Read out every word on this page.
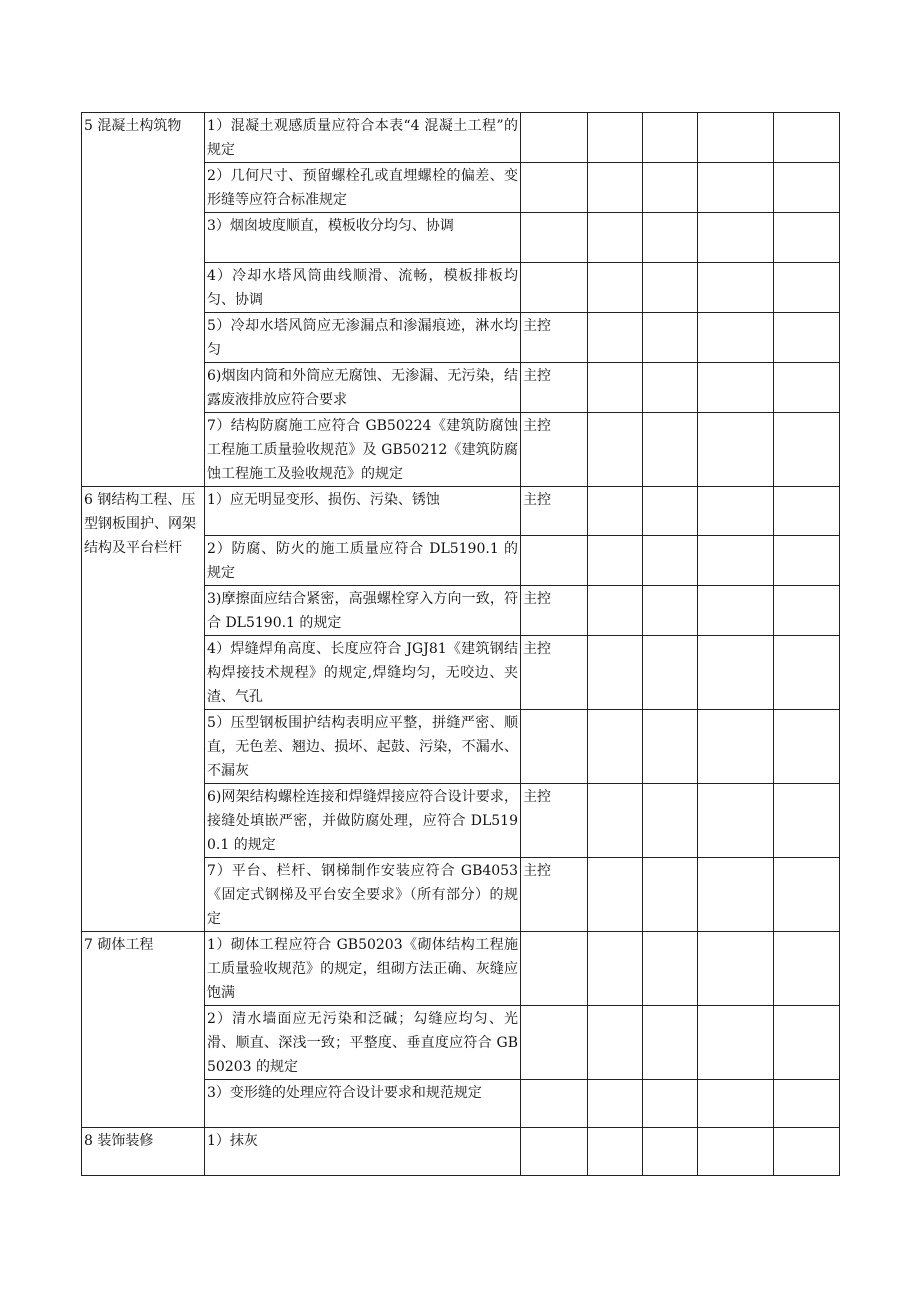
5 混凝土构筑物	1）混凝土观感质量应符合本表“4 混凝土工程”的规定					
	2）几何尺寸、预留螺栓孔或直埋螺栓的偏差、变形缝等应符合标准规定					
	3）烟囱坡度顺直，模板收分均匀、协调					
	4）冷却水塔风筒曲线顺滑、流畅，模板排板均匀、协调					
	5）冷却水塔风筒应无渗漏点和渗漏痕迹，淋水均匀	主控				
	6)烟囱内筒和外筒应无腐蚀、无渗漏、无污染，结露废液排放应符合要求	主控				
	7）结构防腐施工应符合 GB50224《建筑防腐蚀工程施工质量验收规范》及 GB50212《建筑防腐蚀工程施工及验收规范》的规定	主控				
6 钢结构工程、压型钢板围护、网架结构及平台栏杆	1）应无明显变形、损伤、污染、锈蚀	主控				
	2）防腐、防火的施工质量应符合 DL5190.1 的规定					
	3)摩擦面应结合紧密，高强螺栓穿入方向一致，符合 DL5190.1 的规定	主控				
	4）焊缝焊角高度、长度应符合 JGJ81《建筑钢结构焊接技术规程》的规定,焊缝均匀，无咬边、夹渣、气孔	主控				
	5）压型钢板围护结构表明应平整，拼缝严密、顺直，无色差、翘边、损坏、起鼓、污染，不漏水、不漏灰					
	6)网架结构螺栓连接和焊缝焊接应符合设计要求，接缝处填嵌严密，并做防腐处理，应符合 DL5190.1 的规定	主控				
	7）平台、栏杆、钢梯制作安装应符合 GB4053《固定式钢梯及平台安全要求》（所有部分）的规定	主控				
7 砌体工程	1）砌体工程应符合 GB50203《砌体结构工程施工质量验收规范》的规定，组砌方法正确、灰缝应饱满					
	2）清水墙面应无污染和泛碱；勾缝应均匀、光滑、顺直、深浅一致；平整度、垂直度应符合 GB50203 的规定					
	3）变形缝的处理应符合设计要求和规范规定					
8 装饰装修	1）抹灰					
